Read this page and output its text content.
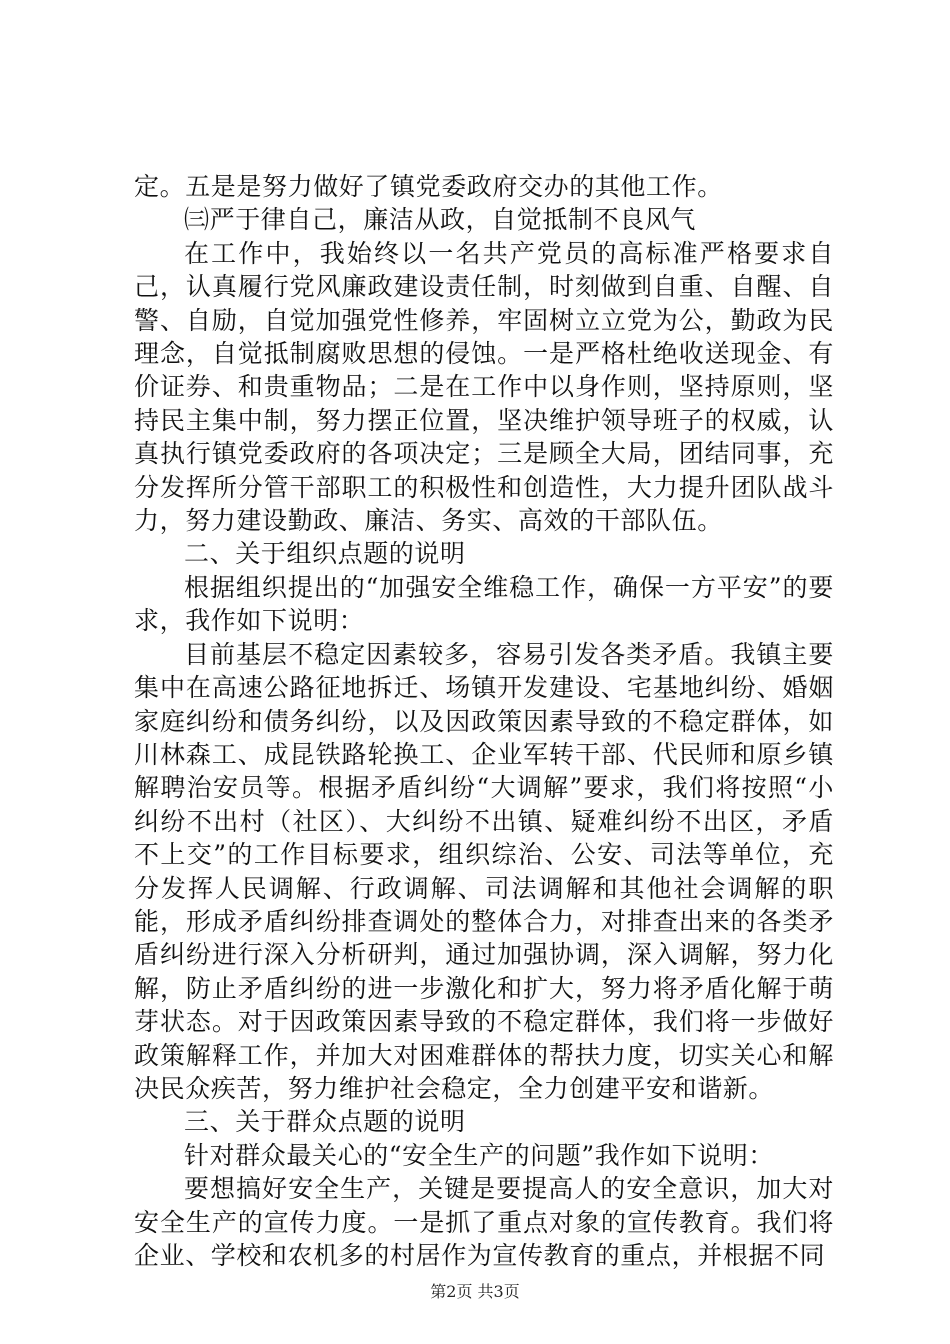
定。五是是努力做好了镇党委政府交办的其他工作。

㈢严于律自己，廉洁从政，自觉抵制不良风气

在工作中，我始终以一名共产党员的高标准严格要求自己，认真履行党风廉政建设责任制，时刻做到自重、自醒、自警、自励，自觉加强党性修养，牢固树立立党为公，勤政为民理念，自觉抵制腐败思想的侵蚀。一是严格杜绝收送现金、有价证券、和贵重物品；二是在工作中以身作则，坚持原则，坚持民主集中制，努力摆正位置，坚决维护领导班子的权威，认真执行镇党委政府的各项决定；三是顾全大局，团结同事，充分发挥所分管干部职工的积极性和创造性，大力提升团队战斗力，努力建设勤政、廉洁、务实、高效的干部队伍。

二、关于组织点题的说明

根据组织提出的“加强安全维稳工作，确保一方平安”的要求，我作如下说明：

目前基层不稳定因素较多，容易引发各类矛盾。我镇主要集中在高速公路征地拆迁、场镇开发建设、宅基地纠纷、婚姻家庭纠纷和债务纠纷，以及因政策因素导致的不稳定群体，如川林森工、成昆铁路轮换工、企业军转干部、代民师和原乡镇解聘治安员等。根据矛盾纠纷“大调解”要求，我们将按照“小纠纷不出村（社区）、大纠纷不出镇、疑难纠纷不出区，矛盾不上交”的工作目标要求，组织综治、公安、司法等单位，充分发挥人民调解、行政调解、司法调解和其他社会调解的职能，形成矛盾纠纷排查调处的整体合力，对排查出来的各类矛盾纠纷进行深入分析研判，通过加强协调，深入调解，努力化解，防止矛盾纠纷的进一步激化和扩大，努力将矛盾化解于萌芽状态。对于因政策因素导致的不稳定群体，我们将一步做好政策解释工作，并加大对困难群体的帮扶力度，切实关心和解决民众疾苦，努力维护社会稳定，全力创建平安和谐新。

三、关于群众点题的说明

针对群众最关心的“安全生产的问题”我作如下说明：

要想搞好安全生产，关键是要提高人的安全意识，加大对安全生产的宣传力度。一是抓了重点对象的宣传教育。我们将企业、学校和农机多的村居作为宣传教育的重点，并根据不同

第2页 共3页
